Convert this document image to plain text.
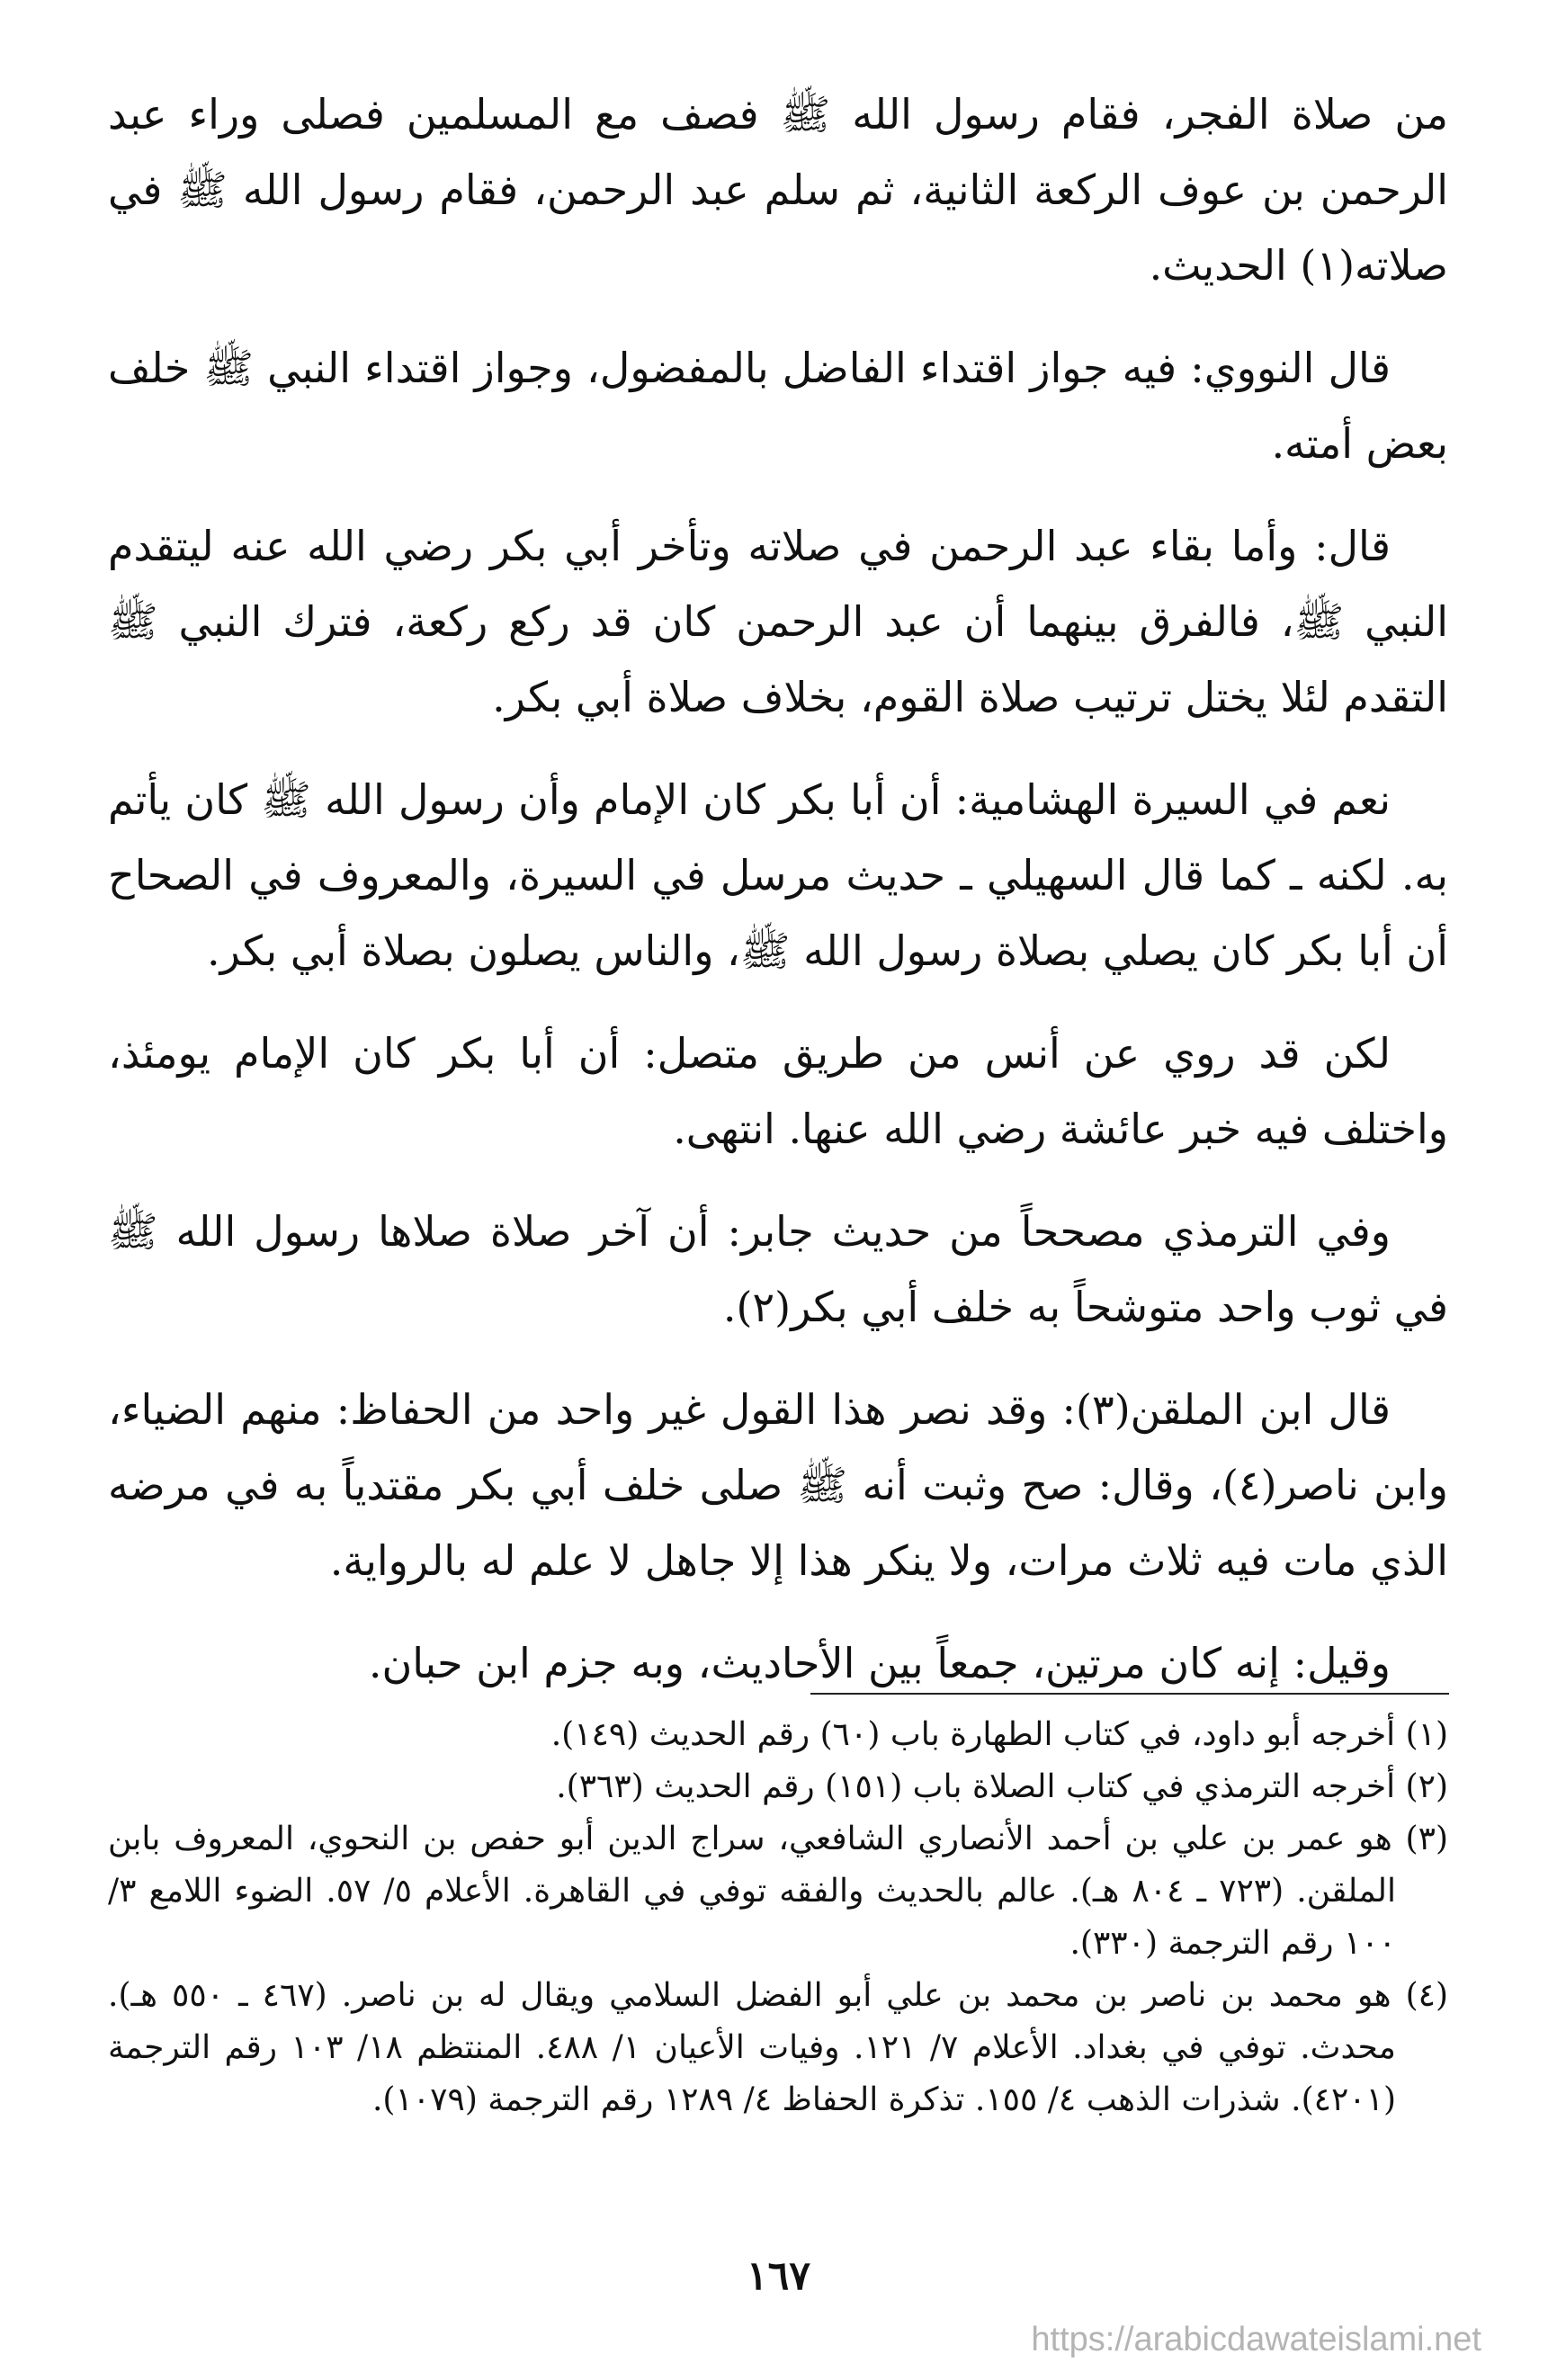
من صلاة الفجر، فقام رسول الله ﷺ فصف مع المسلمين فصلى وراء عبد الرحمن بن عوف الركعة الثانية، ثم سلم عبد الرحمن، فقام رسول الله ﷺ في صلاته(١) الحديث.

قال النووي: فيه جواز اقتداء الفاضل بالمفضول، وجواز اقتداء النبي ﷺ خلف بعض أمته.

قال: وأما بقاء عبد الرحمن في صلاته وتأخر أبي بكر رضي الله عنه ليتقدم النبي ﷺ، فالفرق بينهما أن عبد الرحمن كان قد ركع ركعة، فترك النبي ﷺ التقدم لئلا يختل ترتيب صلاة القوم، بخلاف صلاة أبي بكر.

نعم في السيرة الهشامية: أن أبا بكر كان الإمام وأن رسول الله ﷺ كان يأتم به. لكنه ـ كما قال السهيلي ـ حديث مرسل في السيرة، والمعروف في الصحاح أن أبا بكر كان يصلي بصلاة رسول الله ﷺ، والناس يصلون بصلاة أبي بكر.

لكن قد روي عن أنس من طريق متصل: أن أبا بكر كان الإمام يومئذ، واختلف فيه خبر عائشة رضي الله عنها. انتهى.

وفي الترمذي مصححاً من حديث جابر: أن آخر صلاة صلاها رسول الله ﷺ في ثوب واحد متوشحاً به خلف أبي بكر(٢).

قال ابن الملقن(٣): وقد نصر هذا القول غير واحد من الحفاظ: منهم الضياء، وابن ناصر(٤)، وقال: صح وثبت أنه ﷺ صلى خلف أبي بكر مقتدياً به في مرضه الذي مات فيه ثلاث مرات، ولا ينكر هذا إلا جاهل لا علم له بالرواية.

وقيل: إنه كان مرتين، جمعاً بين الأحاديث، وبه جزم ابن حبان.

(١) أخرجه أبو داود، في كتاب الطهارة باب (٦٠) رقم الحديث (١٤٩).

(٢) أخرجه الترمذي في كتاب الصلاة باب (١٥١) رقم الحديث (٣٦٣).

(٣) هو عمر بن علي بن أحمد الأنصاري الشافعي، سراج الدين أبو حفص بن النحوي، المعروف بابن الملقن. (٧٢٣ ـ ٨٠٤ هـ). عالم بالحديث والفقه توفي في القاهرة. الأعلام ٥/ ٥٧. الضوء اللامع ٣/ ١٠٠ رقم الترجمة (٣٣٠).

(٤) هو محمد بن ناصر بن محمد بن علي أبو الفضل السلامي ويقال له بن ناصر. (٤٦٧ ـ ٥٥٠ هـ). محدث. توفي في بغداد. الأعلام ٧/ ١٢١. وفيات الأعيان ١/ ٤٨٨. المنتظم ١٨/ ١٠٣ رقم الترجمة (٤٢٠١). شذرات الذهب ٤/ ١٥٥. تذكرة الحفاظ ٤/ ١٢٨٩ رقم الترجمة (١٠٧٩).

١٦٧
https://arabicdawateislami.net
